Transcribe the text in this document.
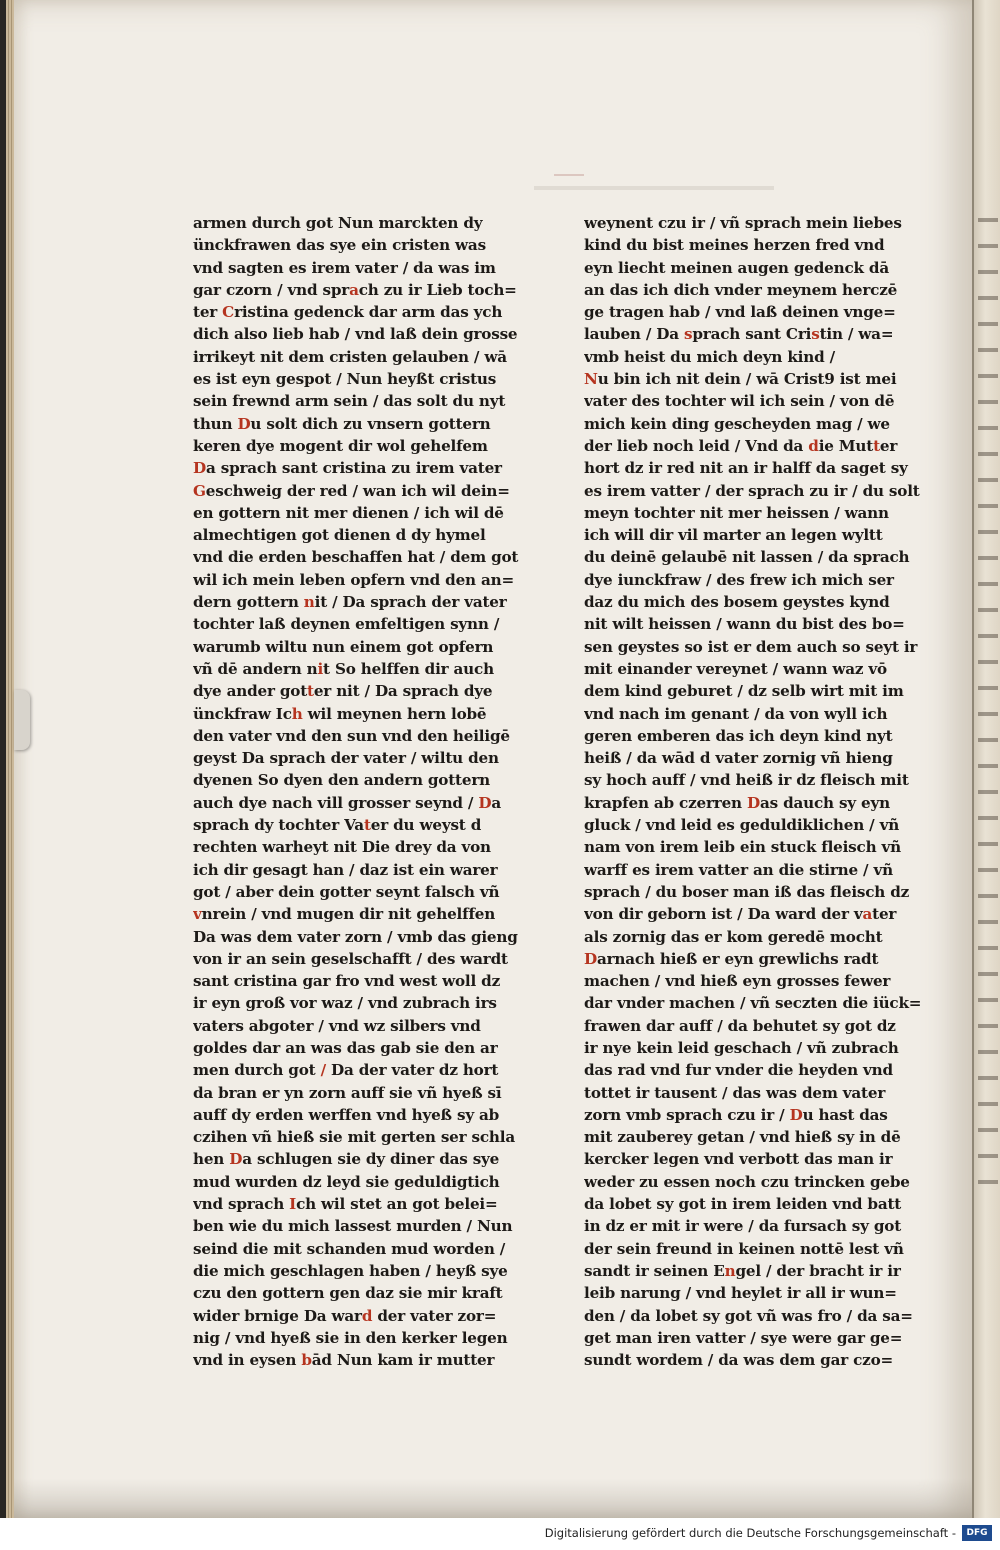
armen durch got Nun marckten dy
ünckfrawen das sye ein cristen was
vnd sagten es irem vater / da was im
gar czorn / vnd sprach zu ir Lieb toch=
ter Cristina gedenck dar arm das ych
dich also lieb hab / vnd laß dein grosse
irrikeyt nit dem cristen gelauben / wā
es ist eyn gespot / Nun heyßt cristus
sein frewnd arm sein / das solt du nyt
thun Du solt dich zu vnsern gottern
keren dye mogent dir wol gehelfem
Da sprach sant cristina zu irem vater
Geschweig der red / wan ich wil dein=
en gottern nit mer dienen / ich wil dē
almechtigen got dienen d dy hymel
vnd die erden beschaffen hat / dem got
wil ich mein leben opfern vnd den an=
dern gottern nit / Da sprach der vater
tochter laß deynen emfeltigen synn /
warumb wiltu nun einem got opfern
vñ dē andern nit So helffen dir auch
dye ander gotter nit / Da sprach dye
ünckfraw Ich wil meynen hern lobē
den vater vnd den sun vnd den heiligē
geyst Da sprach der vater / wiltu den
dyenen So dyen den andern gottern
auch dye nach vill grosser seynd / Da
sprach dy tochter Vater du weyst d
rechten warheyt nit Die drey da von
ich dir gesagt han / daz ist ein warer
got / aber dein gotter seynt falsch vñ
vnrein / vnd mugen dir nit gehelffen
Da was dem vater zorn / vmb das gieng
von ir an sein geselschafft / des wardt
sant cristina gar fro vnd west woll dz
ir eyn groß vor waz / vnd zubrach irs
vaters abgoter / vnd wz silbers vnd
goldes dar an was das gab sie den ar
men durch got / Da der vater dz hort
da bran er yn zorn auff sie vñ hyeß sī
auff dy erden werffen vnd hyeß sy ab
czihen vñ hieß sie mit gerten ser schla
hen Da schlugen sie dy diner das sye
mud wurden dz leyd sie geduldigtich
vnd sprach Ich wil stet an got belei=
ben wie du mich lassest murden / Nun
seind die mit schanden mud worden /
die mich geschlagen haben / heyß sye
czu den gottern gen daz sie mir kraft
wider brnige Da ward der vater zor=
nig / vnd hyeß sie in den kerker legen
vnd in eysen bād Nun kam ir mutter
weynent czu ir / vñ sprach mein liebes
kind du bist meines herzen fred vnd
eyn liecht meinen augen gedenck dā
an das ich dich vnder meynem herczē
ge tragen hab / vnd laß deinen vnge=
lauben / Da sprach sant Cristin / wa=
vmb heist du mich deyn kind /
Nu bin ich nit dein / wā Crist9 ist mei
vater des tochter wil ich sein / von dē
mich kein ding gescheyden mag / we
der lieb noch leid / Vnd da die Mutter
hort dz ir red nit an ir halff da saget sy
es irem vatter / der sprach zu ir / du solt
meyn tochter nit mer heissen / wann
ich will dir vil marter an legen wyltt
du deinē gelaubē nit lassen / da sprach
dye iunckfraw / des frew ich mich ser
daz du mich des bosem geystes kynd
nit wilt heissen / wann du bist des bo=
sen geystes so ist er dem auch so seyt ir
mit einander vereynet / wann waz vō
dem kind geburet / dz selb wirt mit im
vnd nach im genant / da von wyll ich
geren emberen das ich deyn kind nyt
heiß / da wād d vater zornig vñ hieng
sy hoch auff / vnd heiß ir dz fleisch mit
krapfen ab czerren Das dauch sy eyn
gluck / vnd leid es geduldiklichen / vñ
nam von irem leib ein stuck fleisch vñ
warff es irem vatter an die stirne / vñ
sprach / du boser man iß das fleisch dz
von dir geborn ist / Da ward der vater
als zornig das er kom geredē mocht
Darnach hieß er eyn grewlichs radt
machen / vnd hieß eyn grosses fewer
dar vnder machen / vñ seczten die iück=
frawen dar auff / da behutet sy got dz
ir nye kein leid geschach / vñ zubrach
das rad vnd fur vnder die heyden vnd
tottet ir tausent / das was dem vater
zorn vmb sprach czu ir / Du hast das
mit zauberey getan / vnd hieß sy in dē
kercker legen vnd verbott das man ir
weder zu essen noch czu trincken gebe
da lobet sy got in irem leiden vnd batt
in dz er mit ir were / da fursach sy got
der sein freund in keinen nottē lest vñ
sandt ir seinen Engel / der bracht ir ir
leib narung / vnd heylet ir all ir wun=
den / da lobet sy got vñ was fro / da sa=
get man iren vatter / sye were gar ge=
sundt wordem / da was dem gar czo=
Digitalisierung gefördert durch die Deutsche Forschungsgemeinschaft -	DFG
